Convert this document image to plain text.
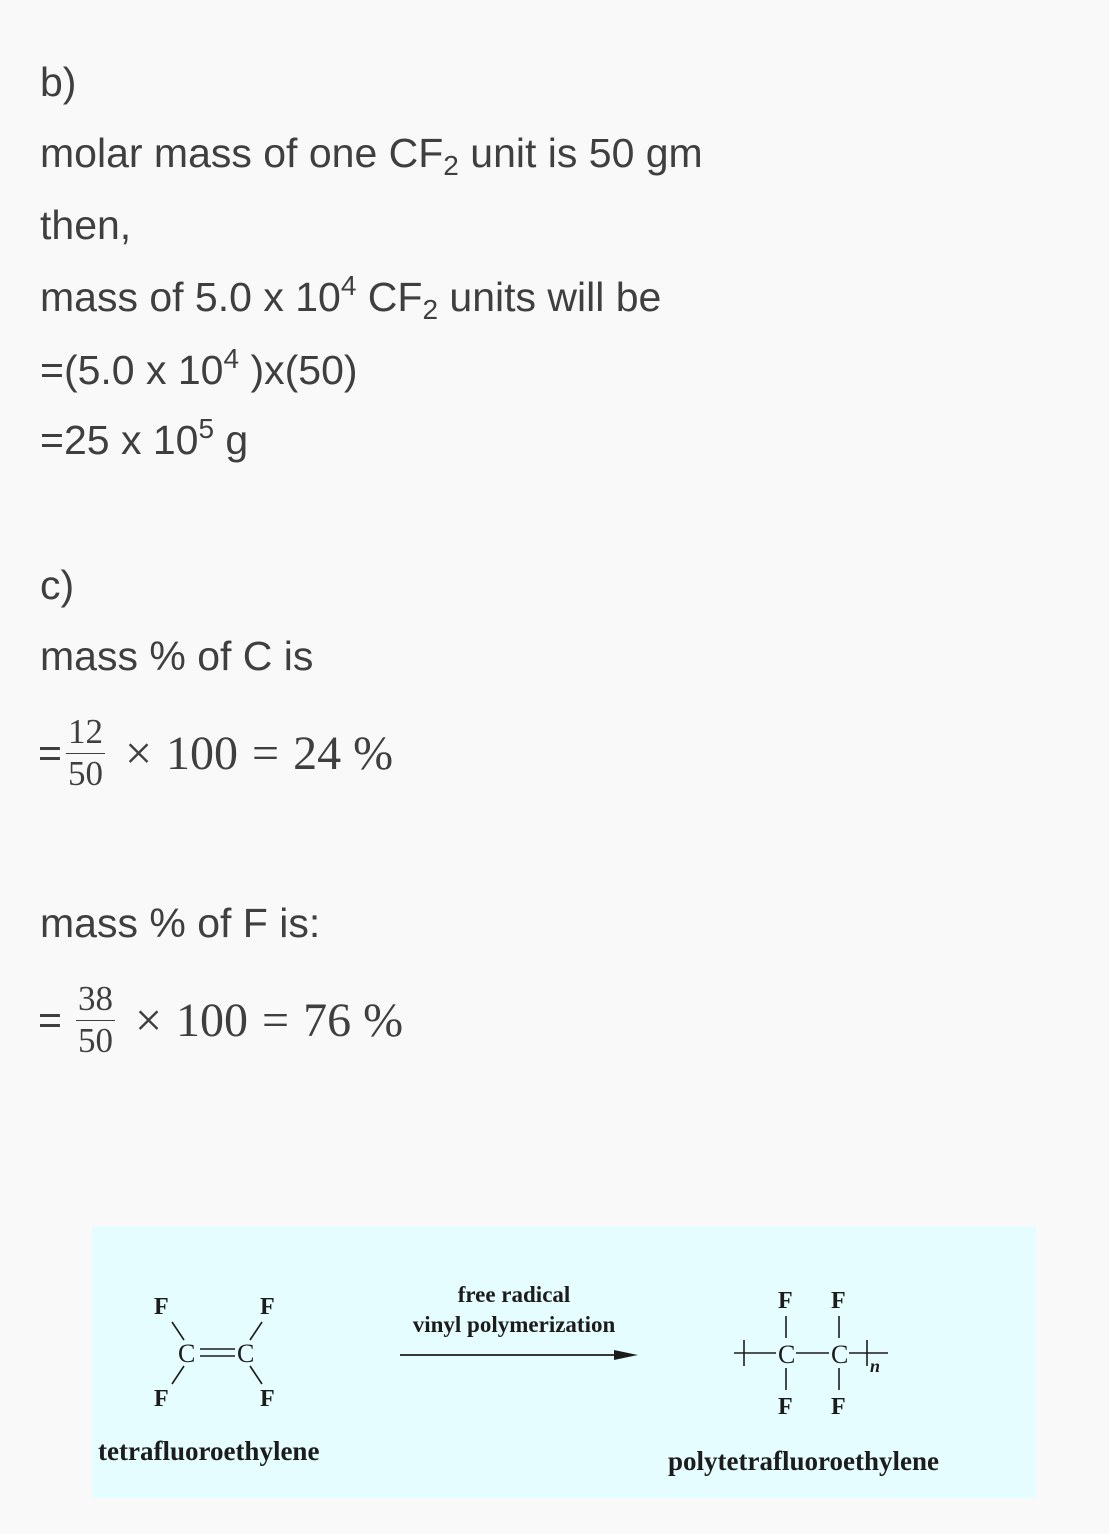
b)
molar mass of one $CF_2$ unit is 50 gm
then,
mass of 5.0 x $10^4$ $CF_2$ units will be
=(5.0 x $10^4$ )x(50)
=25 x $10^5$ g
c)
mass % of C is
= $\frac{12}{50} \times 100 = 24$ %
mass % of F is:
= $\frac{38}{50} \times 100 = 76$ %
F	F
F	F
C C
free radical
vinyl polymerization
F F
F F
C C n
tetrafluoroethylene	polytetrafluoroethylene
